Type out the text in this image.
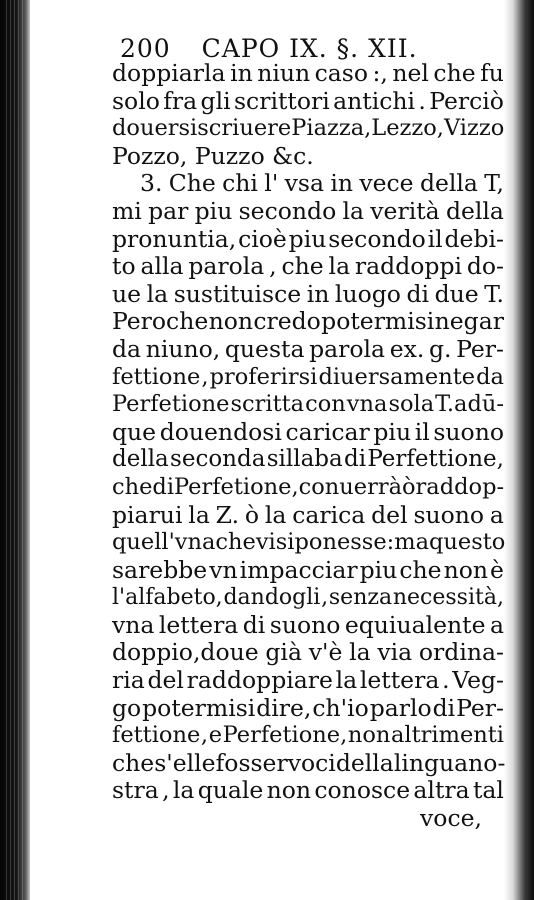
200 CAPO IX. §. XII.
doppiarla in niun caso :, nel che fu
solo fra gli scrittori antichi . Perciò
douersi scriuere Piazza, Lezzo,Vizzo
Pozzo, Puzzo &c.
3. Che chi l' vsa in vece della T,
mi par piu secondo la verità della
pronuntia, cioè piu secondo il debi-
to alla parola , che la raddoppi do-
ue la sustituisce in luogo di due T.
Peroche non credo potermisi negar
da niuno, questa parola ex. g. Per-
fettione , proferirsi diuersamente da
Perfetione scritta con vna sola T.adū-
que douendosi caricar piu il suono
della seconda sillaba di Perfettione,
che di Perfetione, conuerrà ò raddop-
piarui la Z. ò la carica del suono a
quell'vna che vi si ponesse: ma questo
sarebbe vn impacciar piu che non è
l'alfabeto, dandogli , senza necessità,
vna lettera di suono equiualente a
doppio,doue già v'è la via ordina-
ria del raddoppiare la lettera . Veg-
go potermisi dire, ch'io parlo di Per-
fettione , e Perfetione, non altrimenti
che s'elle fosser voci della lingua no-
stra , la quale non conosce altra tal
voce,
